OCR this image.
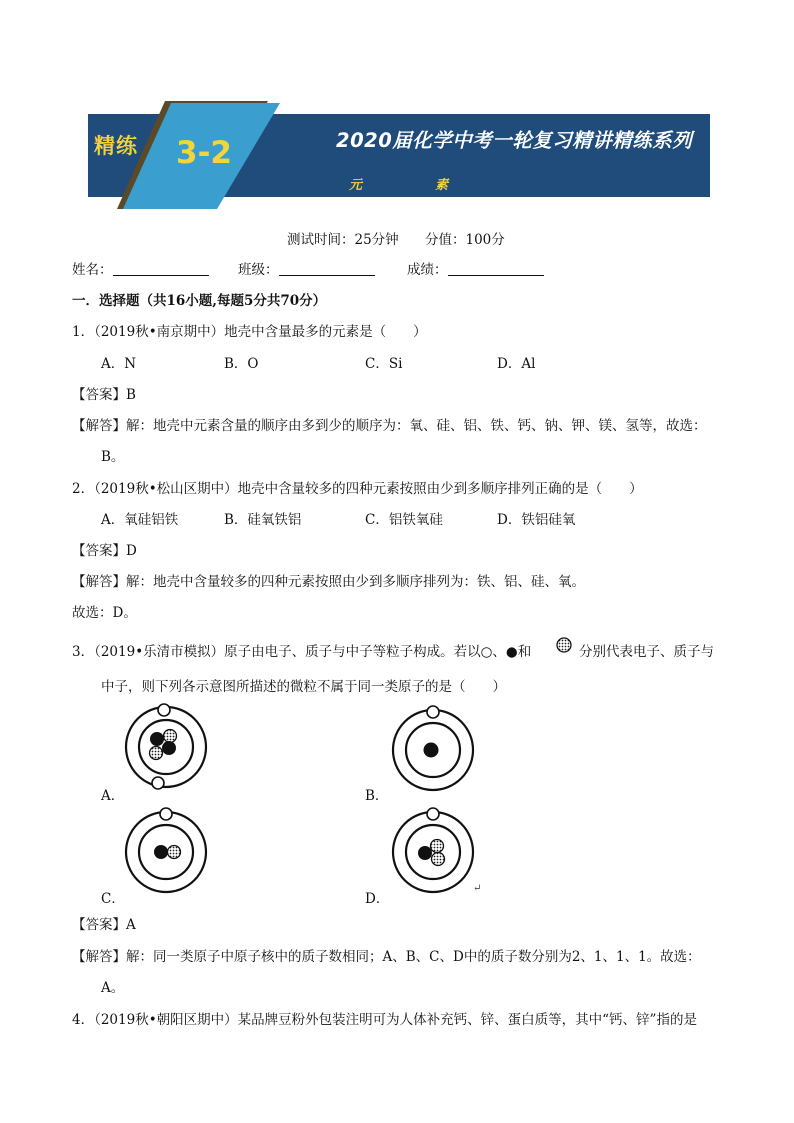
精练 3-2	2020届化学中考一轮复习精讲精练系列
元	素
测试时间：25分钟 分值：100分
姓名：	班级：	成绩：
一．选择题（共16小题,每题5分共70分）
1．（2019秋•南京期中）地壳中含量最多的元素是（　　）
A．N	B．O	C．Si	D．Al
【答案】B
【解答】解：地壳中元素含量的顺序由多到少的顺序为：氧、硅、铝、铁、钙、钠、钾、镁、氢等，故选：
B。
2．（2019秋•松山区期中）地壳中含量较多的四种元素按照由少到多顺序排列正确的是（　　）
A．氧硅铝铁	B．硅氧铁铝	C．铝铁氧硅	D．铁铝硅氧
【答案】D
【解答】解：地壳中含量较多的四种元素按照由少到多顺序排列为：铁、铝、硅、氧。
故选：D。
3．（2019•乐清市模拟）原子由电子、质子与中子等粒子构成。若以○、●和	分别代表电子、质子与
中子，则下列各示意图所描述的微粒不属于同一类原子的是（　　）
A．	B．
C．	D．
↵
【答案】A
【解答】解：同一类原子中原子核中的质子数相同；A、B、C、D中的质子数分别为2、1、1、1。故选：
A。
4．（2019秋•朝阳区期中）某品牌豆粉外包装注明可为人体补充钙、锌、蛋白质等，其中“钙、锌”指的是
